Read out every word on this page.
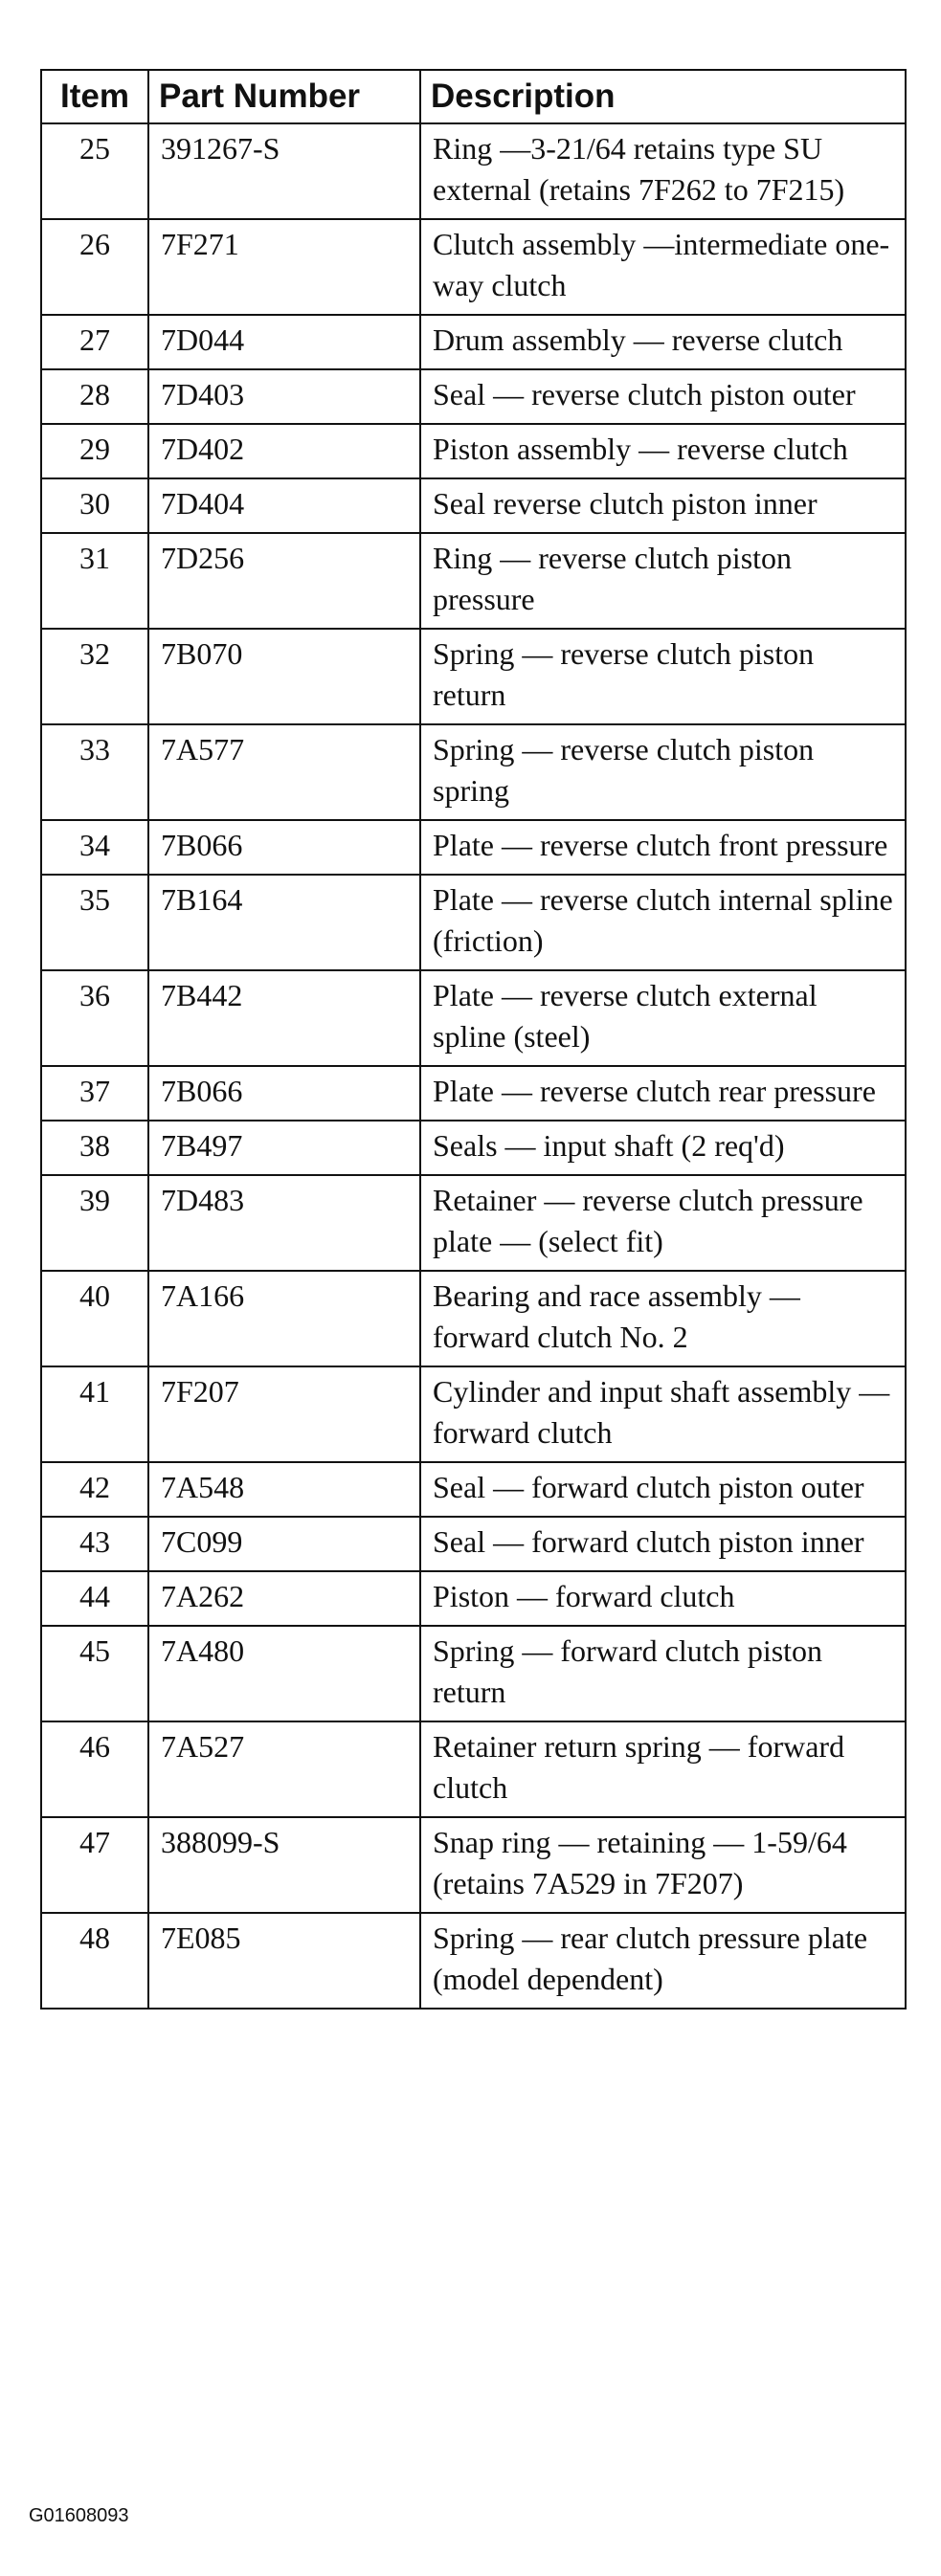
Item	Part Number	Description
25	391267-S	Ring —3-21/64 retains type SU external (retains 7F262 to 7F215)
26	7F271	Clutch assembly —intermediate one-way clutch
27	7D044	Drum assembly — reverse clutch
28	7D403	Seal — reverse clutch piston outer
29	7D402	Piston assembly — reverse clutch
30	7D404	Seal reverse clutch piston inner
31	7D256	Ring — reverse clutch piston pressure
32	7B070	Spring — reverse clutch piston return
33	7A577	Spring — reverse clutch piston spring
34	7B066	Plate — reverse clutch front pressure
35	7B164	Plate — reverse clutch internal spline (friction)
36	7B442	Plate — reverse clutch external spline (steel)
37	7B066	Plate — reverse clutch rear pressure
38	7B497	Seals — input shaft (2 req'd)
39	7D483	Retainer — reverse clutch pressure plate — (select fit)
40	7A166	Bearing and race assembly — forward clutch No. 2
41	7F207	Cylinder and input shaft assembly — forward clutch
42	7A548	Seal — forward clutch piston outer
43	7C099	Seal — forward clutch piston inner
44	7A262	Piston — forward clutch
45	7A480	Spring — forward clutch piston return
46	7A527	Retainer return spring — forward clutch
47	388099-S	Snap ring — retaining — 1-59/64 (retains 7A529 in 7F207)
48	7E085	Spring — rear clutch pressure plate (model dependent)
G01608093
